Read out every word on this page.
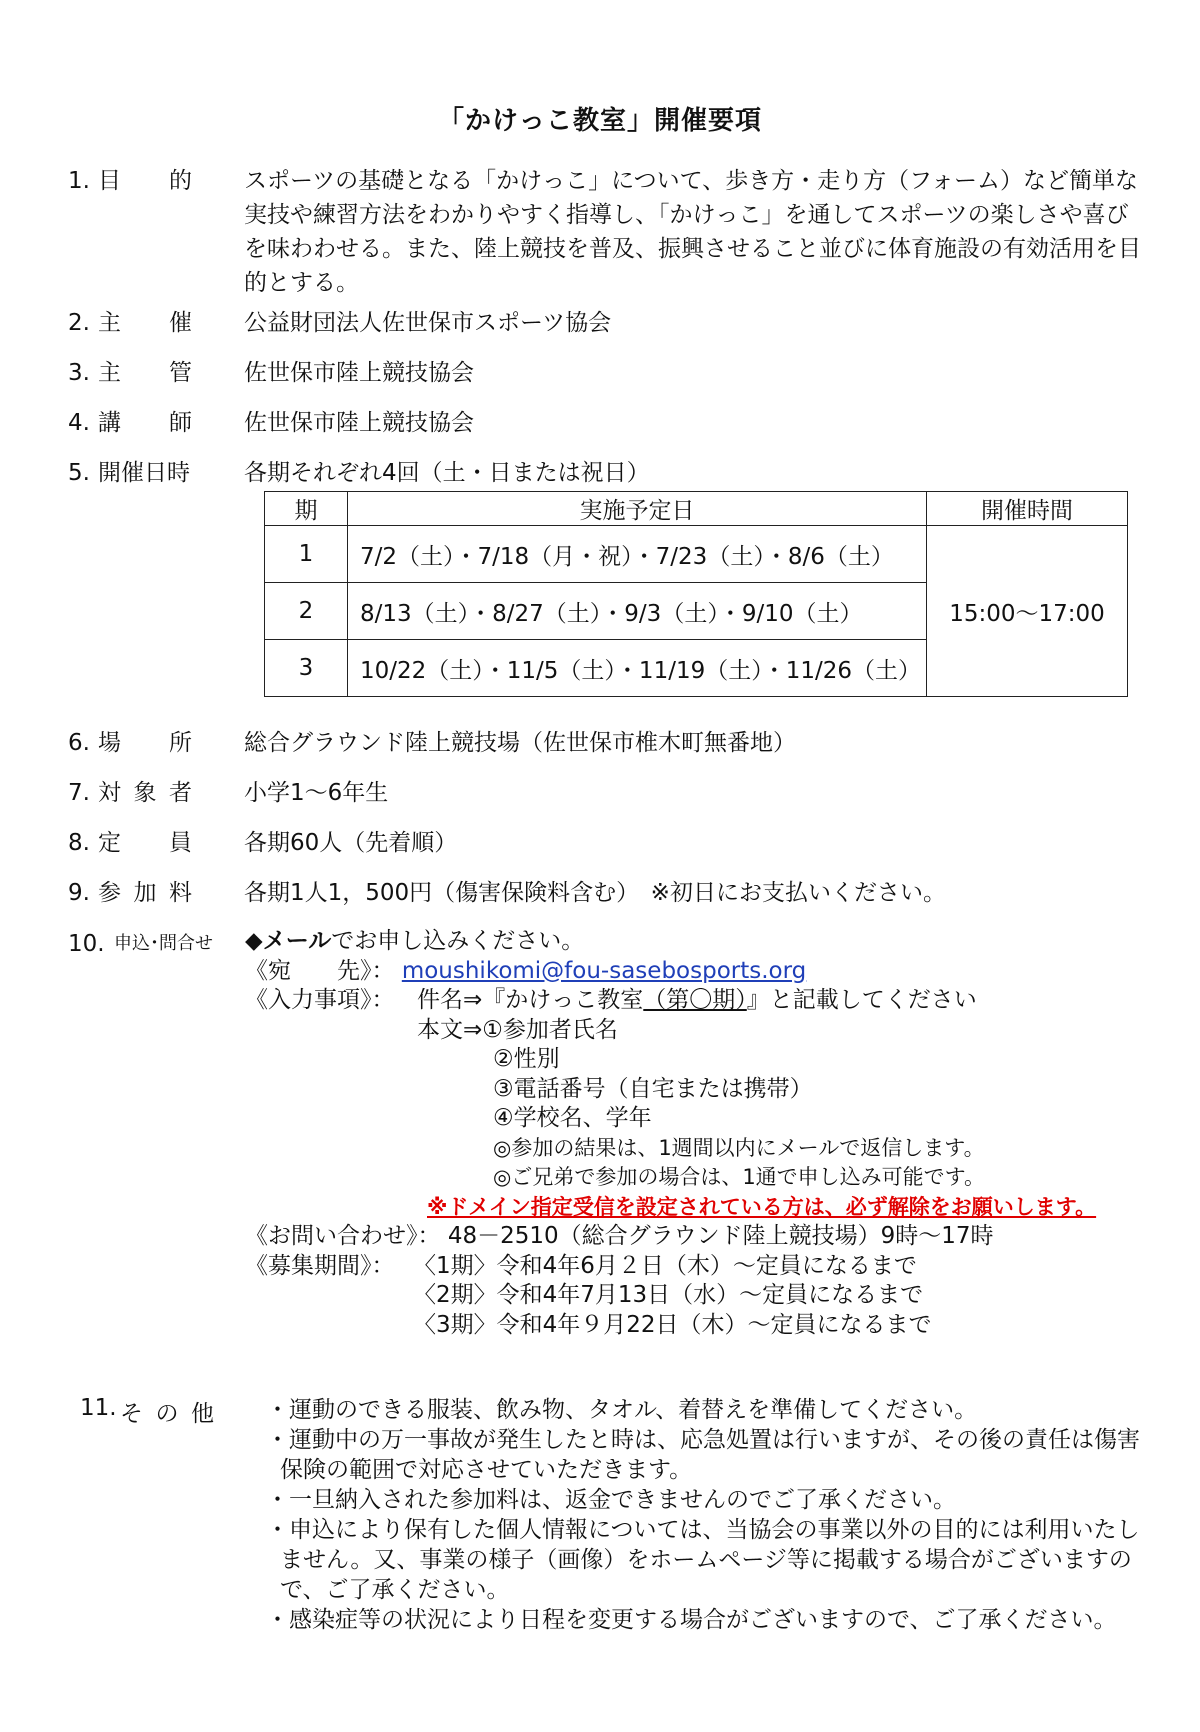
「かけっこ教室」開催要項
1. 目 的 スポーツの基礎となる「かけっこ」について、歩き方・走り方（フォーム）など簡単な実技や練習方法をわかりやすく指導し、「かけっこ」を通してスポーツの楽しさや喜びを味わわせる。また、陸上競技を普及、振興させること並びに体育施設の有効活用を目的とする。
2. 主 催 公益財団法人佐世保市スポーツ協会
3. 主 管 佐世保市陸上競技協会
4. 講 師 佐世保市陸上競技協会
5. 開催日時	各期それぞれ4回（土・日または祝日）
期	実施予定日	開催時間
1	7/2（土）・7/18（月・祝）・7/23（土）・8/6（土）	15:00～17:00
2	8/13（土）・8/27（土）・9/3（土）・9/10（土）	
3	10/22（土）・11/5（土）・11/19（土）・11/26（土）	
6. 場 所 総合グラウンド陸上競技場（佐世保市椎木町無番地）
7. 対 象 者 小学1～6年生
8. 定 員 各期60人（先着順）
9. 参 加 料 各期1人1，500円（傷害保険料含む）　※初日にお支払いください。
10. 申込･問合せ	◆メールでお申し込みください。
《宛　　先》： moushikomi@fou-sasebosports.org
《入力事項》： 件名⇒『かけっこ教室（第〇期）』と記載してください
本文⇒①参加者氏名
②性別
③電話番号（自宅または携帯）
④学校名、学年
◎参加の結果は、1週間以内にメールで返信します。
◎ご兄弟で参加の場合は、1通で申し込み可能です。
※ドメイン指定受信を設定されている方は、必ず解除をお願いします。
《お問い合わせ》： 48－2510（総合グラウンド陸上競技場）9時～17時
《募集期間》： 〈1期〉令和4年6月２日（木）～定員になるまで
〈2期〉令和4年7月13日（水）～定員になるまで
〈3期〉令和4年９月22日（木）～定員になるまで
11. そ の 他 ・運動のできる服装、飲み物、タオル、着替えを準備してください。
・運動中の万一事故が発生したと時は、応急処置は行いますが、その後の責任は傷害保険の範囲で対応させていただきます。
・一旦納入された参加料は、返金できませんのでご了承ください。
・申込により保有した個人情報については、当協会の事業以外の目的には利用いたしません。又、事業の様子（画像）をホームページ等に掲載する場合がございますので、ご了承ください。
・感染症等の状況により日程を変更する場合がございますので、ご了承ください。
